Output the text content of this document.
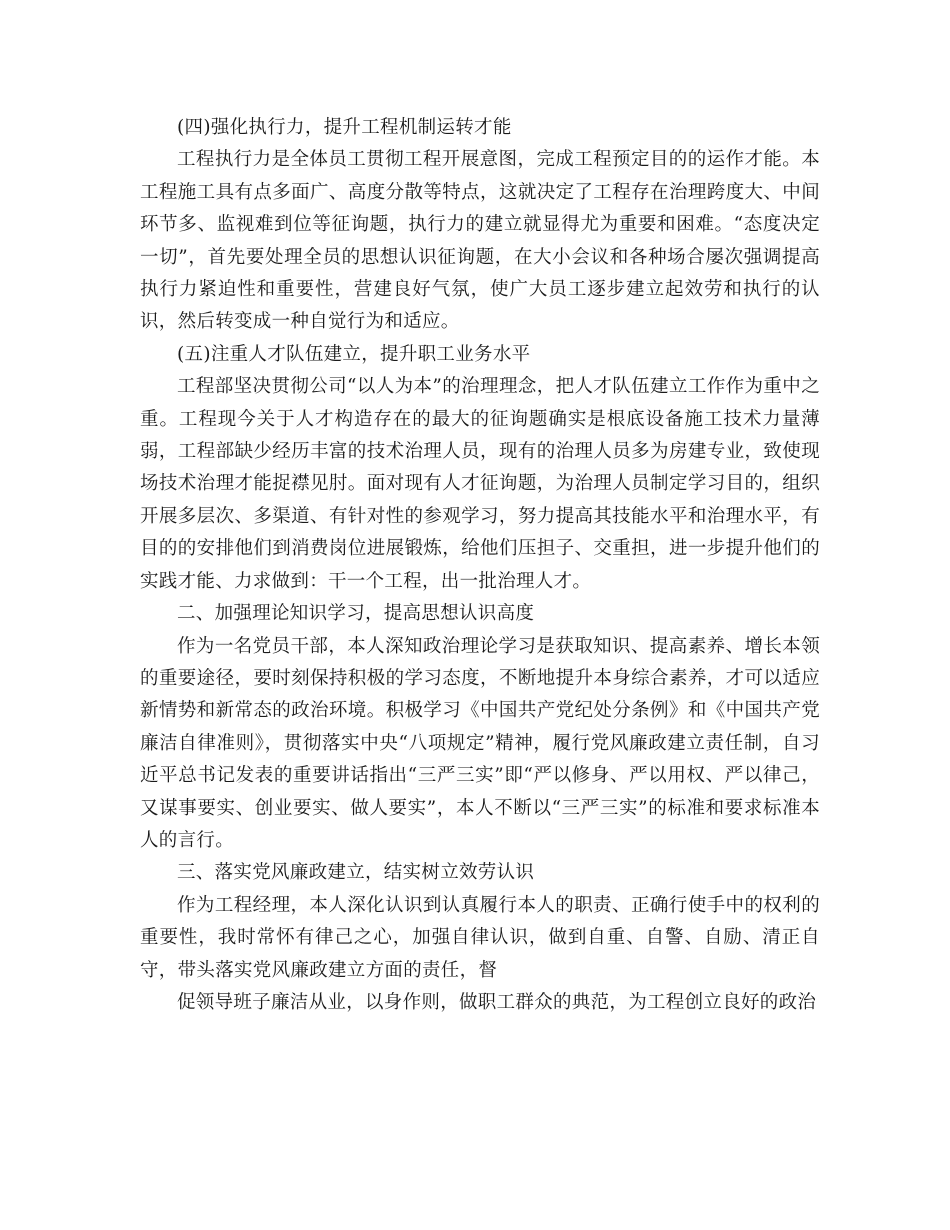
(四)强化执行力，提升工程机制运转才能

工程执行力是全体员工贯彻工程开展意图，完成工程预定目的的运作才能。本工程施工具有点多面广、高度分散等特点，这就决定了工程存在治理跨度大、中间环节多、监视难到位等征询题，执行力的建立就显得尤为重要和困难。“态度决定一切”，首先要处理全员的思想认识征询题，在大小会议和各种场合屡次强调提高执行力紧迫性和重要性，营建良好气氛，使广大员工逐步建立起效劳和执行的认识，然后转变成一种自觉行为和适应。

(五)注重人才队伍建立，提升职工业务水平

工程部坚决贯彻公司“以人为本”的治理理念，把人才队伍建立工作作为重中之重。工程现今关于人才构造存在的最大的征询题确实是根底设备施工技术力量薄弱，工程部缺少经历丰富的技术治理人员，现有的治理人员多为房建专业，致使现场技术治理才能捉襟见肘。面对现有人才征询题，为治理人员制定学习目的，组织开展多层次、多渠道、有针对性的参观学习，努力提高其技能水平和治理水平，有目的的安排他们到消费岗位进展锻炼，给他们压担子、交重担，进一步提升他们的实践才能、力求做到：干一个工程，出一批治理人才。

二、加强理论知识学习，提高思想认识高度

作为一名党员干部，本人深知政治理论学习是获取知识、提高素养、增长本领的重要途径，要时刻保持积极的学习态度，不断地提升本身综合素养，才可以适应新情势和新常态的政治环境。积极学习《中国共产党纪处分条例》和《中国共产党廉洁自律准则》，贯彻落实中央“八项规定”精神，履行党风廉政建立责任制，自习近平总书记发表的重要讲话指出“三严三实”即“严以修身、严以用权、严以律己，又谋事要实、创业要实、做人要实”，本人不断以“三严三实”的标准和要求标准本人的言行。

三、落实党风廉政建立，结实树立效劳认识

作为工程经理，本人深化认识到认真履行本人的职责、正确行使手中的权利的重要性，我时常怀有律己之心，加强自律认识，做到自重、自警、自励、清正自守，带头落实党风廉政建立方面的责任，督

促领导班子廉洁从业，以身作则，做职工群众的典范，为工程创立良好的政治
